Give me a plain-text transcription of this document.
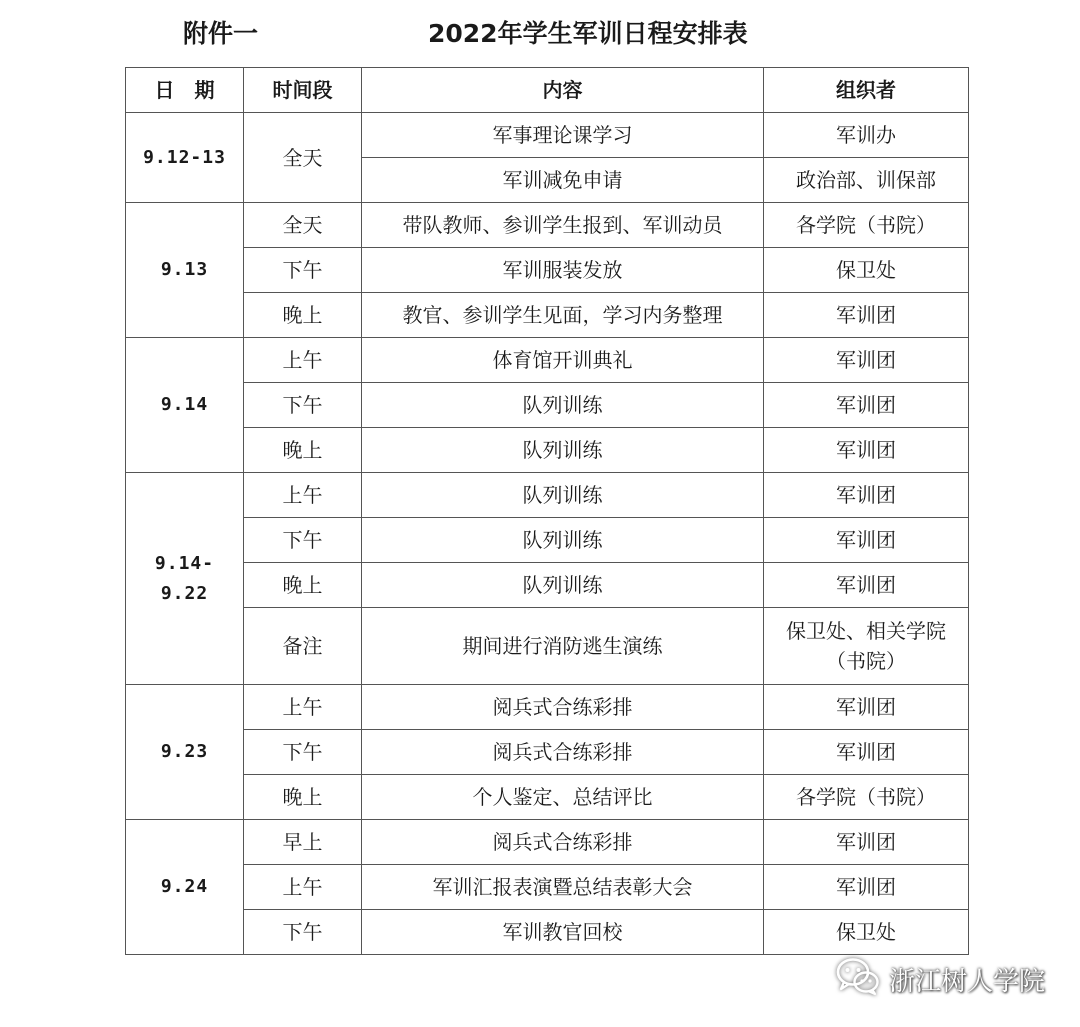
附件一	2022年学生军训日程安排表
日　期	时间段	内容	组织者
9.12-13	全天	军事理论课学习	军训办
		军训减免申请	政治部、训保部
9.13	全天	带队教师、参训学生报到、军训动员	各学院（书院）
	下午	军训服装发放	保卫处
	晚上	教官、参训学生见面，学习内务整理	军训团
9.14	上午	体育馆开训典礼	军训团
	下午	队列训练	军训团
	晚上	队列训练	军训团
9.14-9.22	上午	队列训练	军训团
	下午	队列训练	军训团
	晚上	队列训练	军训团
	备注	期间进行消防逃生演练	保卫处、相关学院（书院）
9.23	上午	阅兵式合练彩排	军训团
	下午	阅兵式合练彩排	军训团
	晚上	个人鉴定、总结评比	各学院（书院）
9.24	早上	阅兵式合练彩排	军训团
	上午	军训汇报表演暨总结表彰大会	军训团
	下午	军训教官回校	保卫处
浙江树人学院
